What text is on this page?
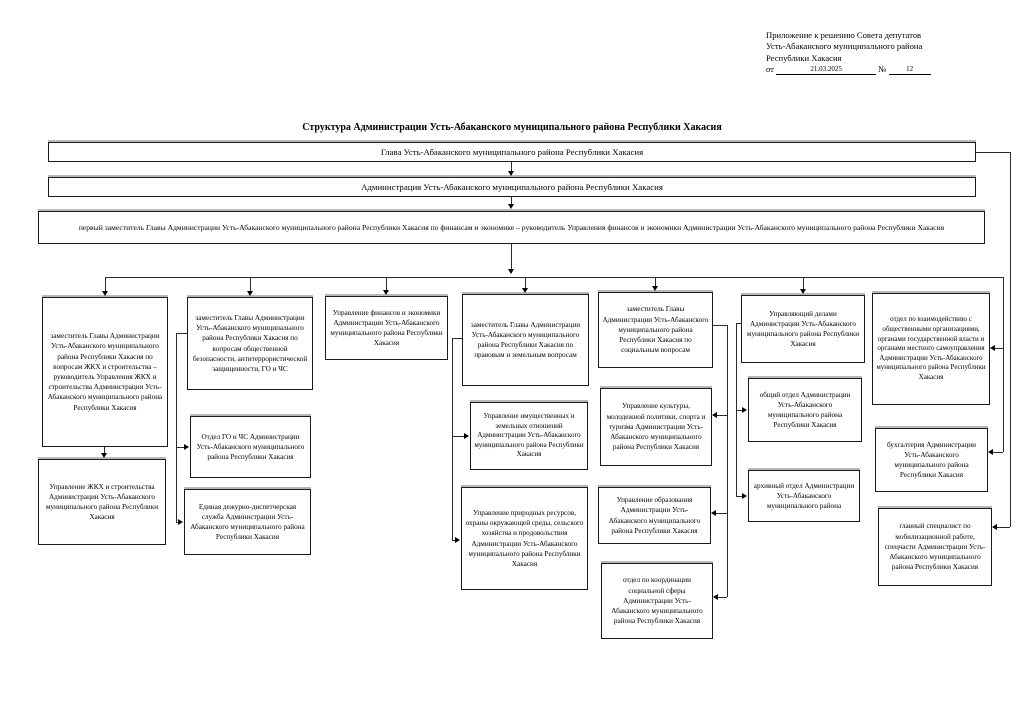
Приложение к решению Совета депутатов
Усть-Абаканского муниципального района
Республики Хакасия
от	21.03.2025	№	12
Структура Администрации Усть-Абаканского муниципального района Республики Хакасия
Глава Усть-Абаканского муниципального района Республики Хакасия
Администрация Усть-Абаканского муниципального района Республики Хакасия
первый заместитель Главы Администрации Усть-Абаканского муниципального района Республики Хакасия по финансам и экономике – руководитель Управления финансов и экономики Администрации Усть-Абаканского муниципального района Республики Хакасия
заместитель Главы Администрации Усть-Абаканского муниципального района Республики Хакасия по вопросам ЖКХ и строительства – руководитель Управления ЖКХ и строительства Администрации Усть-Абаканского муниципального района Республики Хакасия
Управление ЖКХ и строительства Администрации Усть-Абаканского муниципального района Республики Хакасия
заместитель Главы Администрации Усть-Абаканского муниципального района Республики Хакасия по вопросам общественной безопасности, антитеррористической защищенности, ГО и ЧС
Отдел ГО и ЧС Администрации Усть-Абаканского муниципального района Республики Хакасия
Единая дежурно-диспетчерская служба Администрации Усть-Абаканского муниципального района Республики Хакасия
Управление финансов и экономики Администрации Усть-Абаканского муниципального района Республики Хакасия
заместитель Главы Администрации Усть-Абаканского муниципального района Республики Хакасия по правовым и земельным вопросам
Управление имущественных и земельных отношений Администрации Усть-Абаканского муниципального района Республики Хакасия
Управление природных ресурсов, охраны окружающей среды, сельского хозяйства и продовольствия Администрации Усть-Абаканского муниципального района Республики Хакасия
заместитель Главы Администрации Усть-Абаканского муниципального района Республики Хакасия по социальным вопросам
Управление культуры, молодежной политики, спорта и туризма Администрации Усть-Абаканского муниципального района Республики Хакасия
Управление образования Администрации Усть-Абаканского муниципального района Республики Хакасия
отдел по координации социальной сферы Администрации Усть-Абаканского муниципального района Республики Хакасия
Управляющий делами Администрации Усть-Абаканского муниципального района Республики Хакасия
общий отдел Администрации Усть-Абаканского муниципального района Республики Хакасия
архивный отдел Администрации Усть-Абаканского муниципального района
отдел по взаимодействию с общественными организациями, органами государственной власти и органами местного самоуправления Администрации Усть-Абаканского муниципального района Республики Хакасия
бухгалтерия Администрации Усть-Абаканского муниципального района Республики Хакасия
главный специалист по мобилизационной работе, спецчасти Администрации Усть-Абаканского муниципального района Республики Хакасия
